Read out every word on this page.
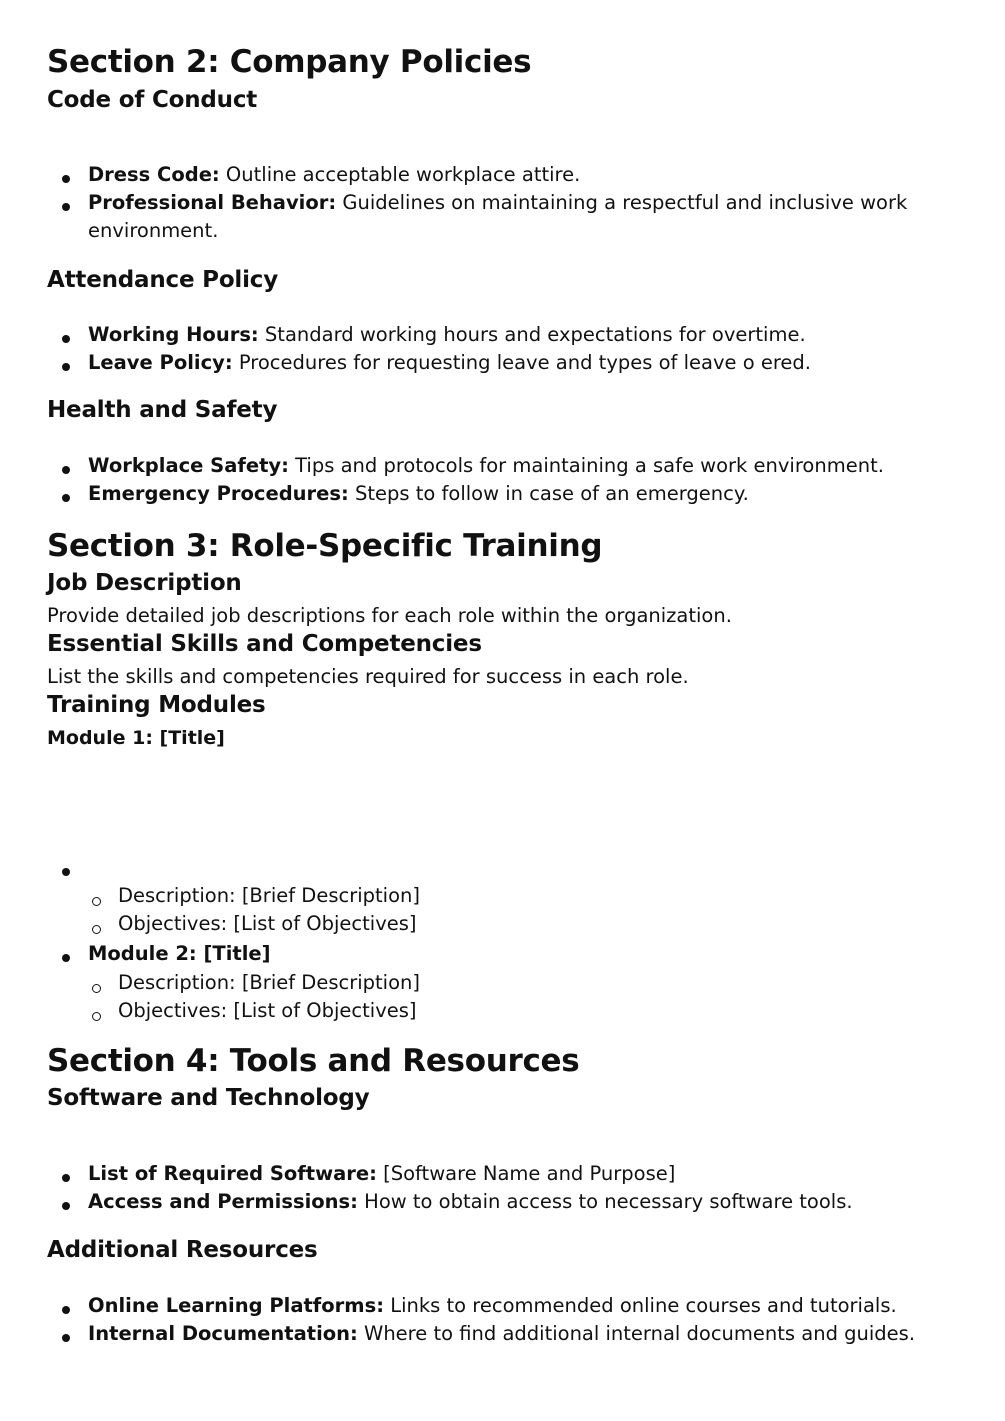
Section 2: Company Policies
Code of Conduct
Dress Code: Outline acceptable workplace attire.
Professional Behavior: Guidelines on maintaining a respectful and inclusive work
environment.
Attendance Policy
Working Hours: Standard working hours and expectations for overtime.
Leave Policy: Procedures for requesting leave and types of leave o ered.
Health and Safety
Workplace Safety: Tips and protocols for maintaining a safe work environment.
Emergency Procedures: Steps to follow in case of an emergency.
Section 3: Role-Specific Training
Job Description
Provide detailed job descriptions for each role within the organization.
Essential Skills and Competencies
List the skills and competencies required for success in each role.
Training Modules
Module 1: [Title]
Description: [Brief Description]
Objectives: [List of Objectives]
Module 2: [Title]
Description: [Brief Description]
Objectives: [List of Objectives]
Section 4: Tools and Resources
Software and Technology
List of Required Software: [Software Name and Purpose]
Access and Permissions: How to obtain access to necessary software tools.
Additional Resources
Online Learning Platforms: Links to recommended online courses and tutorials.
Internal Documentation: Where to find additional internal documents and guides.
